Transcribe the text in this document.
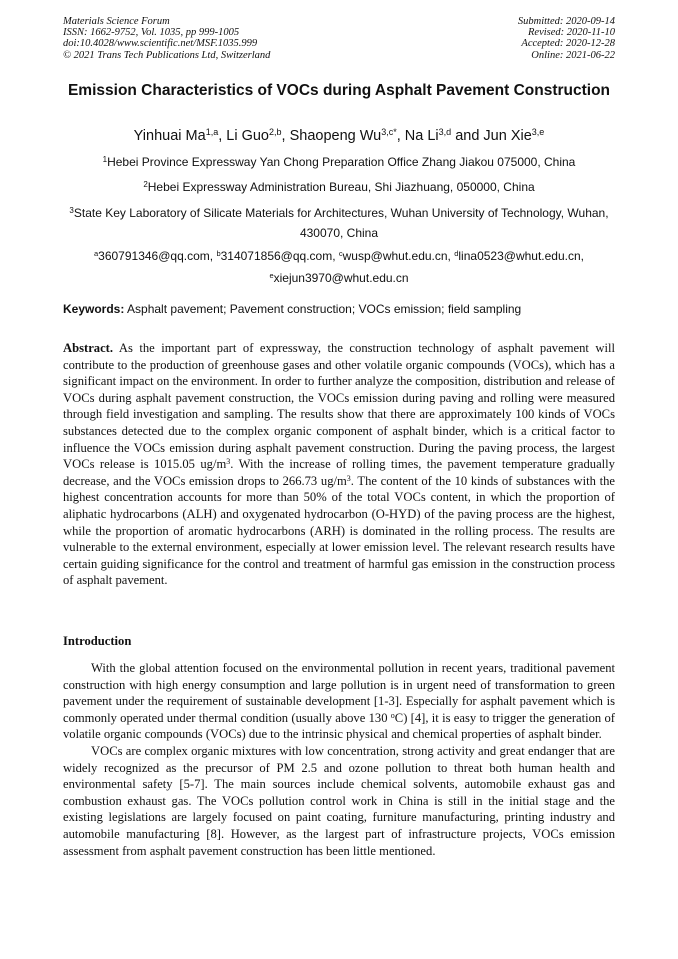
Materials Science Forum
ISSN: 1662-9752, Vol. 1035, pp 999-1005
doi:10.4028/www.scientific.net/MSF.1035.999
© 2021 Trans Tech Publications Ltd, Switzerland
Submitted: 2020-09-14
Revised: 2020-11-10
Accepted: 2020-12-28
Online: 2021-06-22
Emission Characteristics of VOCs during Asphalt Pavement Construction
Yinhuai Ma$^{1,a}$, Li Guo$^{2,b}$, Shaopeng $Wu^{3,c*}$, Na Li$^{3,d}$ and Jun Xie$^{3,e}$
$^1$Hebei Province Expressway Yan Chong Preparation Office Zhang Jiakou 075000, China
$^2$Hebei Expressway Administration Bureau, Shi Jiazhuang, 050000, China
$^3$State Key Laboratory of Silicate Materials for Architectures, Wuhan University of Technology, Wuhan, 430070, China
$^a$360791346@qq.com, $^b$314071856@qq.com, $^c$wusp@whut.edu.cn, $^d$lina0523@whut.edu.cn, $^e$xiejun3970@whut.edu.cn
Keywords: Asphalt pavement; Pavement construction; VOCs emission; field sampling
Abstract. As the important part of expressway, the construction technology of asphalt pavement will contribute to the production of greenhouse gases and other volatile organic compounds (VOCs), which has a significant impact on the environment. In order to further analyze the composition, distribution and release of VOCs during asphalt pavement construction, the VOCs emission during paving and rolling were measured through field investigation and sampling. The results show that there are approximately 100 kinds of VOCs substances detected due to the complex organic component of asphalt binder, which is a critical factor to influence the VOCs emission during asphalt pavement construction. During the paving process, the largest VOCs release is 1015.05 $ug/m^3$. With the increase of rolling times, the pavement temperature gradually decrease, and the VOCs emission drops to 266.73 $ug/m^3$. The content of the 10 kinds of substances with the highest concentration accounts for more than 50% of the total VOCs content, in which the proportion of aliphatic hydrocarbons (ALH) and oxygenated hydrocarbon (O-HYD) of the paving process are the highest, while the proportion of aromatic hydrocarbons (ARH) is dominated in the rolling process. The results are vulnerable to the external environment, especially at lower emission level. The relevant research results have certain guiding significance for the control and treatment of harmful gas emission in the construction process of asphalt pavement.
Introduction

With the global attention focused on the environmental pollution in recent years, traditional pavement construction with high energy consumption and large pollution is in urgent need of transformation to green pavement under the requirement of sustainable development [1-3]. Especially for asphalt pavement which is commonly operated under thermal condition (usually above 130 $^o$C) [4], it is easy to trigger the generation of volatile organic compounds (VOCs) due to the intrinsic physical and chemical properties of asphalt binder.

VOCs are complex organic mixtures with low concentration, strong activity and great endanger that are widely recognized as the precursor of PM 2.5 and ozone pollution to threat both human health and environmental safety [5-7]. The main sources include chemical solvents, automobile exhaust gas and combustion exhaust gas. The VOCs pollution control work in China is still in the initial stage and the existing legislations are largely focused on paint coating, furniture manufacturing, printing industry and automobile manufacturing [8]. However, as the largest part of infrastructure projects, VOCs emission assessment from asphalt pavement construction has been little mentioned.
